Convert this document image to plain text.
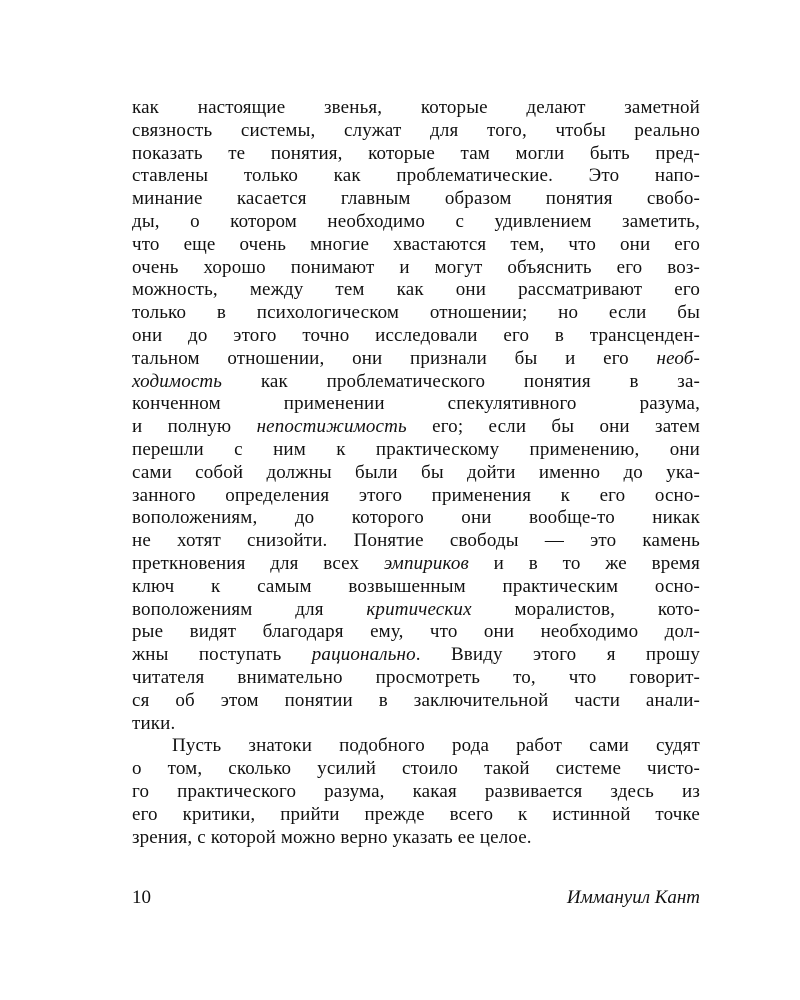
как настоящие звенья, которые делают заметной
связность системы, служат для того, чтобы реально
показать те понятия, которые там могли быть пред-
ставлены только как проблематические. Это напо-
минание касается главным образом понятия свобо-
ды, о котором необходимо с удивлением заметить,
что еще очень многие хвастаются тем, что они его
очень хорошо понимают и могут объяснить его воз-
можность, между тем как они рассматривают его
только в психологическом отношении; но если бы
они до этого точно исследовали его в трансценден-
тальном отношении, они признали бы и его необ-
ходимость как проблематического понятия в за-
конченном применении спекулятивного разума,
и полную непостижимость его; если бы они затем
перешли с ним к практическому применению, они
сами собой должны были бы дойти именно до ука-
занного определения этого применения к его осно-
воположениям, до которого они вообще-то никак
не хотят снизойти. Понятие свободы — это камень
преткновения для всех эмпириков и в то же время
ключ к самым возвышенным практическим осно-
воположениям для критических моралистов, кото-
рые видят благодаря ему, что они необходимо дол-
жны поступать рационально. Ввиду этого я прошу
читателя внимательно просмотреть то, что говорит-
ся об этом понятии в заключительной части анали-
тики.
Пусть знатоки подобного рода работ сами судят
о том, сколько усилий стоило такой системе чисто-
го практического разума, какая развивается здесь из
его критики, прийти прежде всего к истинной точке
зрения, с которой можно верно указать ее целое.
10	Иммануил Кант
